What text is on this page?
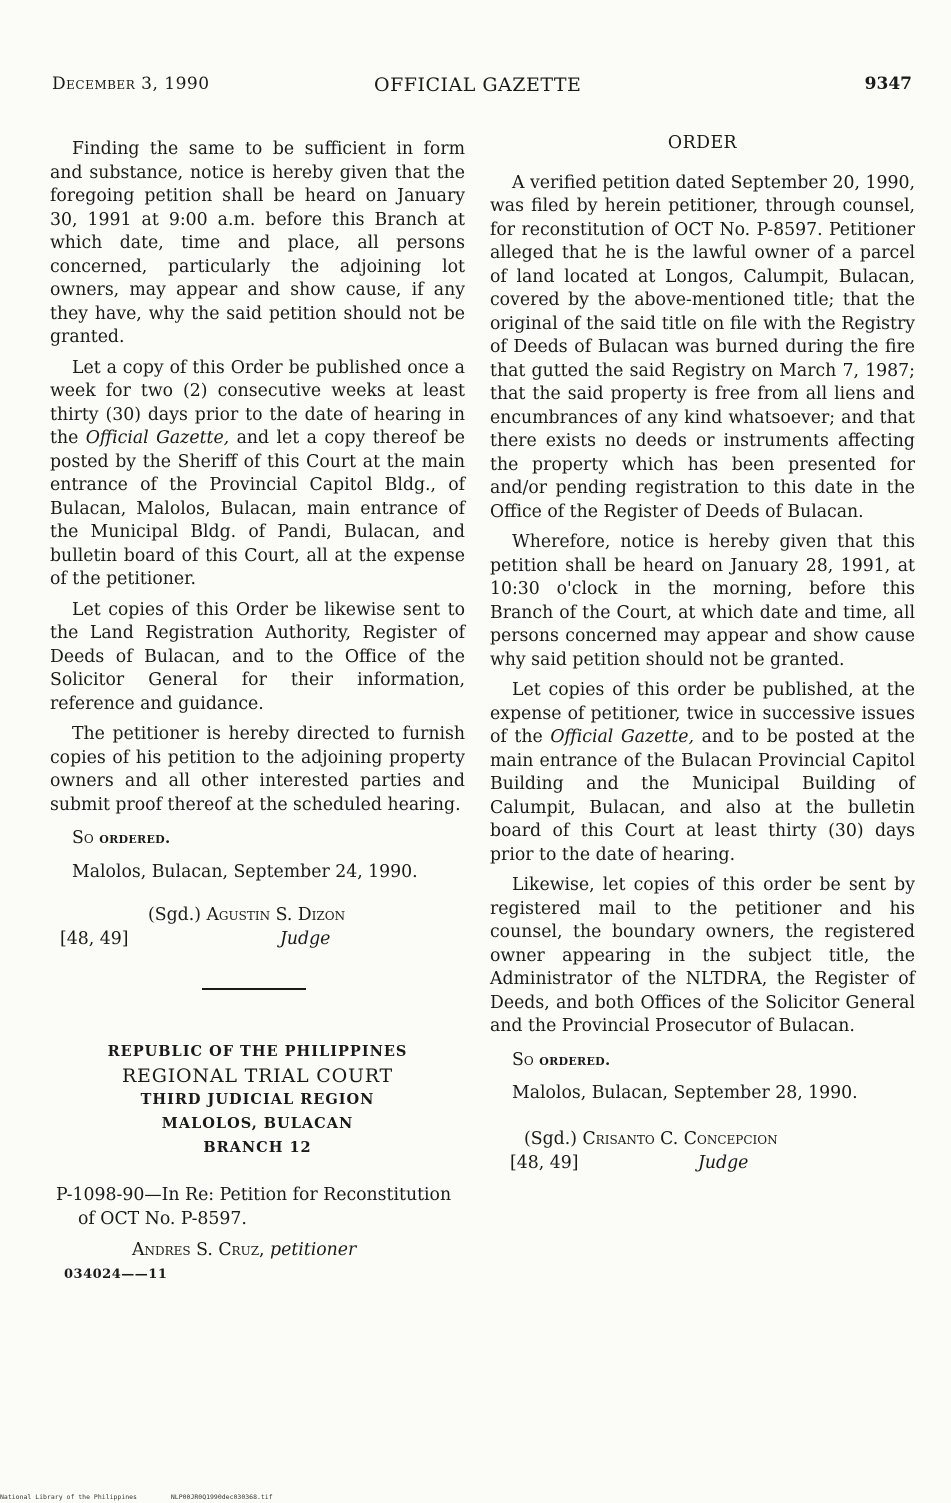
December 3, 1990	OFFICIAL GAZETTE	9347

Finding the same to be sufficient in form and substance, notice is hereby given that the foregoing petition shall be heard on January 30, 1991 at 9:00 a.m. before this Branch at which date, time and place, all persons concerned, particularly the adjoining lot owners, may appear and show cause, if any they have, why the said petition should not be granted.

Let a copy of this Order be published once a week for two (2) consecutive weeks at least thirty (30) days prior to the date of hearing in the Official Gazette, and let a copy thereof be posted by the Sheriff of this Court at the main entrance of the Provincial Capitol Bldg., of Bulacan, Malolos, Bulacan, main entrance of the Municipal Bldg. of Pandi, Bulacan, and bulletin board of this Court, all at the expense of the petitioner.

Let copies of this Order be likewise sent to the Land Registration Authority, Register of Deeds of Bulacan, and to the Office of the Solicitor General for their information, reference and guidance.

The petitioner is hereby directed to furnish copies of his petition to the adjoining property owners and all other interested parties and submit proof thereof at the scheduled hearing.

So ordered.

Malolos, Bulacan, September 24, 1990.

(Sgd.) Agustin S. Dizon
[48, 49]	Judge
REPUBLIC OF THE PHILIPPINES
REGIONAL TRIAL COURT
THIRD JUDICIAL REGION
MALOLOS, BULACAN
BRANCH 12
P-1098-90—In Re: Petition for Reconstitution of OCT No. P-8597.
Andres S. Cruz, petitioner
034024——11
ORDER

A verified petition dated September 20, 1990, was filed by herein petitioner, through counsel, for reconstitution of OCT No. P-8597. Petitioner alleged that he is the lawful owner of a parcel of land located at Longos, Calumpit, Bulacan, covered by the above-mentioned title; that the original of the said title on file with the Registry of Deeds of Bulacan was burned during the fire that gutted the said Registry on March 7, 1987; that the said property is free from all liens and encumbrances of any kind whatsoever; and that there exists no deeds or instruments affecting the property which has been presented for and/or pending registration to this date in the Office of the Register of Deeds of Bulacan.

Wherefore, notice is hereby given that this petition shall be heard on January 28, 1991, at 10:30 o'clock in the morning, before this Branch of the Court, at which date and time, all persons concerned may appear and show cause why said petition should not be granted.

Let copies of this order be published, at the expense of petitioner, twice in successive issues of the Official Gazette, and to be posted at the main entrance of the Bulacan Provincial Capitol Building and the Municipal Building of Calumpit, Bulacan, and also at the bulletin board of this Court at least thirty (30) days prior to the date of hearing.

Likewise, let copies of this order be sent by registered mail to the petitioner and his counsel, the boundary owners, the registered owner appearing in the subject title, the Administrator of the NLTDRA, the Register of Deeds, and both Offices of the Solicitor General and the Provincial Prosecutor of Bulacan.

So ordered.

Malolos, Bulacan, September 28, 1990.

(Sgd.) Crisanto C. Concepcion
[48, 49]	Judge
National Library of the Philippines	NLP00JR0Q1990dec030368.tif
